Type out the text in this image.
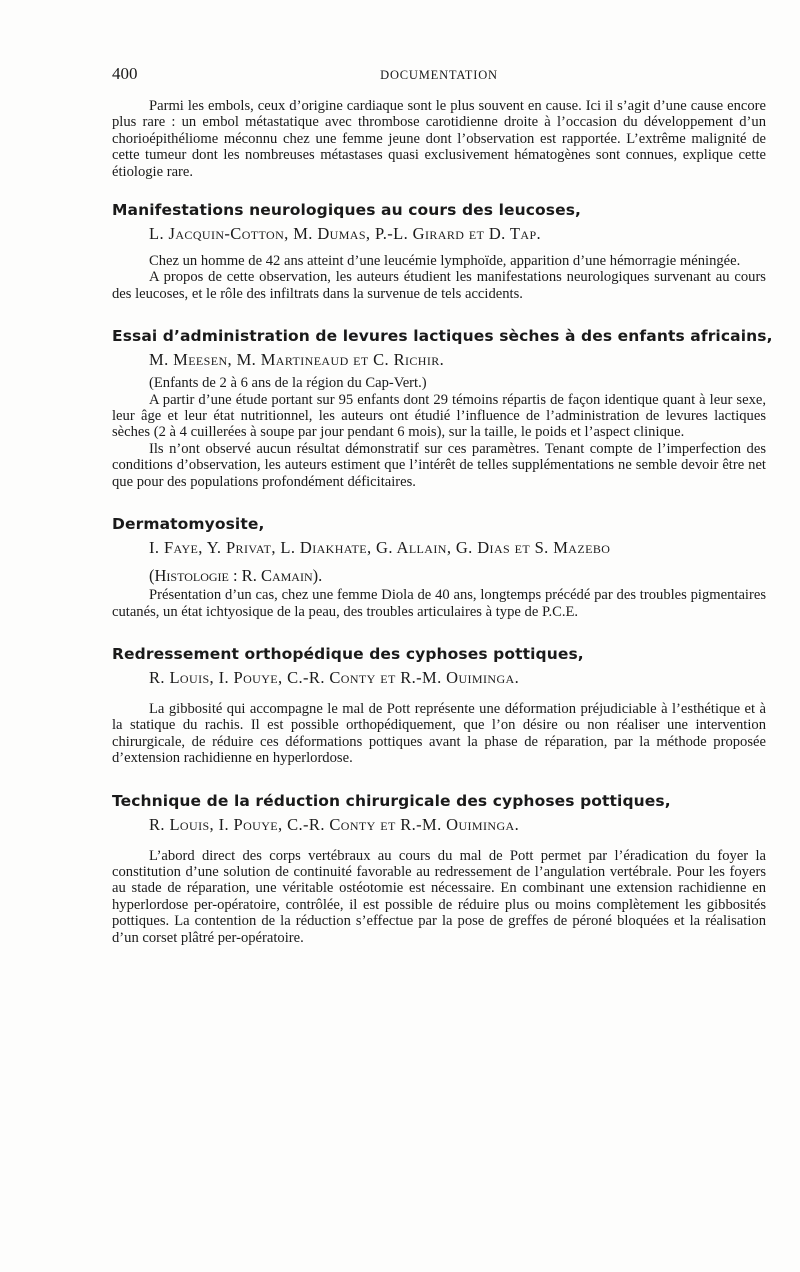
400	DOCUMENTATION

Parmi les embols, ceux d’origine cardiaque sont le plus souvent en cause. Ici il s’agit d’une cause encore plus rare : un embol métastatique avec thrombose carotidienne droite à l’occasion du développement d’un chorioépithéliome méconnu chez une femme jeune dont l’observation est rapportée. L’extrême malignité de cette tumeur dont les nombreuses métastases quasi exclusivement hématogènes sont connues, explique cette étiologie rare.

Manifestations neurologiques au cours des leucoses,
L. Jacquin-Cotton, M. Dumas, P.-L. Girard et D. Tap.

Chez un homme de 42 ans atteint d’une leucémie lymphoïde, apparition d’une hémorragie méningée.

A propos de cette observation, les auteurs étudient les manifestations neurologiques survenant au cours des leucoses, et le rôle des infiltrats dans la survenue de tels accidents.

Essai d’administration de levures lactiques sèches à des enfants africains,
M. Meesen, M. Martineaud et C. Richir.
(Enfants de 2 à 6 ans de la région du Cap-Vert.)

A partir d’une étude portant sur 95 enfants dont 29 témoins répartis de façon identique quant à leur sexe, leur âge et leur état nutritionnel, les auteurs ont étudié l’influence de l’administration de levures lactiques sèches (2 à 4 cuillerées à soupe par jour pendant 6 mois), sur la taille, le poids et l’aspect clinique.

Ils n’ont observé aucun résultat démonstratif sur ces paramètres. Tenant compte de l’imperfection des conditions d’observation, les auteurs estiment que l’intérêt de telles supplémentations ne semble devoir être net que pour des populations profondément déficitaires.

Dermatomyosite,
I. Faye, Y. Privat, L. Diakhate, G. Allain, G. Dias et S. Mazebo
(Histologie : R. Camain).

Présentation d’un cas, chez une femme Diola de 40 ans, longtemps précédé par des troubles pigmentaires cutanés, un état ichtyosique de la peau, des troubles articulaires à type de P.C.E.

Redressement orthopédique des cyphoses pottiques,
R. Louis, I. Pouye, C.-R. Conty et R.-M. Ouiminga.

La gibbosité qui accompagne le mal de Pott représente une déformation préjudiciable à l’esthétique et à la statique du rachis. Il est possible orthopédiquement, que l’on désire ou non réaliser une intervention chirurgicale, de réduire ces déformations pottiques avant la phase de réparation, par la méthode proposée d’extension rachidienne en hyperlordose.

Technique de la réduction chirurgicale des cyphoses pottiques,
R. Louis, I. Pouye, C.-R. Conty et R.-M. Ouiminga.

L’abord direct des corps vertébraux au cours du mal de Pott permet par l’éradication du foyer la constitution d’une solution de continuité favorable au redressement de l’angulation vertébrale. Pour les foyers au stade de réparation, une véritable ostéotomie est nécessaire. En combinant une extension rachidienne en hyperlordose per-opératoire, contrôlée, il est possible de réduire plus ou moins complètement les gibbosités pottiques. La contention de la réduction s’effectue par la pose de greffes de péroné bloquées et la réalisation d’un corset plâtré per-opératoire.
